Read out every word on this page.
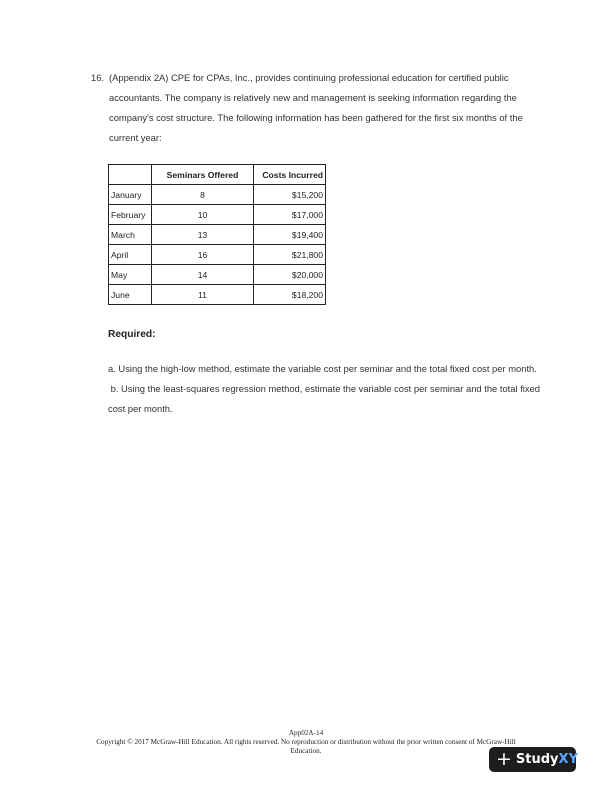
16. (Appendix 2A) CPE for CPAs, Inc., provides continuing professional education for certified public accountants. The company is relatively new and management is seeking information regarding the company's cost structure. The following information has been gathered for the first six months of the current year:
	Seminars Offered	Costs Incurred
January	8	$15,200
February	10	$17,000
March	13	$19,400
April	16	$21,800
May	14	$20,000
June	11	$18,200
Required:

a. Using the high-low method, estimate the variable cost per seminar and the total fixed cost per month.

b. Using the least-squares regression method, estimate the variable cost per seminar and the total fixed cost per month.

App02A-14
Copyright © 2017 McGraw-Hill Education. All rights reserved. No reproduction or distribution without the prior written consent of McGraw-Hill Education.	+ StudyXY
